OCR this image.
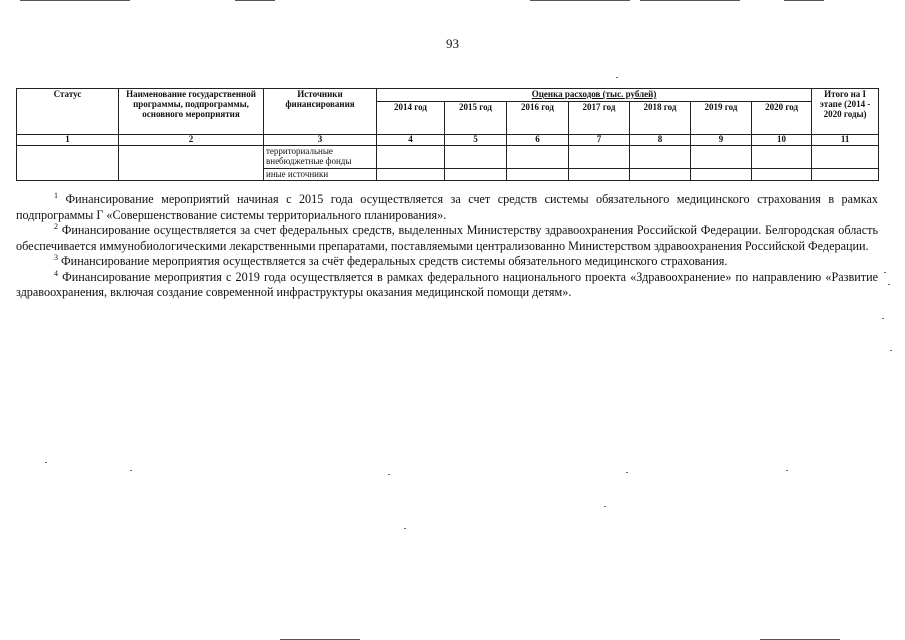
93
Статус	Наименование государственной программы, подпрограммы, основного мероприятия	Источники финансирования	Оценка расходов (тыс. рублей)							Итого на I этапе (2014 - 2020 годы)
			2014 год	2015 год	2016 год	2017 год	2018 год	2019 год	2020 год	
1	2	3	4	5	6	7	8	9	10	11
		территориальные внебюджетные фонды								
		иные источники								

$^1$ Финансирование мероприятий начиная с 2015 года осуществляется за счет средств системы обязательного медицинского страхования в рамках подпрограммы Г «Совершенствование системы территориального планирования».

$^2$ Финансирование осуществляется за счет федеральных средств, выделенных Министерству здравоохранения Российской Федерации. Белгородская область обеспечивается иммунобиологическими лекарственными препаратами, поставляемыми централизованно Министерством здравоохранения Российской Федерации.

$^3$ Финансирование мероприятия осуществляется за счёт федеральных средств системы обязательного медицинского страхования.

$^4$ Финансирование мероприятия с 2019 года осуществляется в рамках федерального национального проекта «Здравоохранение» по направлению «Развитие здравоохранения, включая создание современной инфраструктуры оказания медицинской помощи детям».
